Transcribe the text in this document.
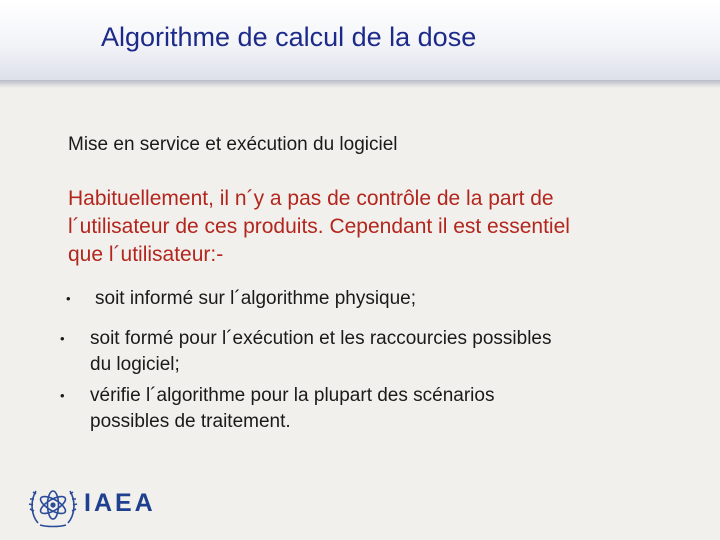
Algorithme de calcul de la dose
Mise en service et exécution du logiciel
Habituellement, il n´y a pas de contrôle de la part de
l´utilisateur de ces produits. Cependant il est essentiel
que l´utilisateur:-
• soit informé sur l´algorithme physique;
• soit formé pour l´exécution et les raccourcies possibles
du logiciel;
• vérifie l´algorithme pour la plupart des scénarios
possibles de traitement.
IAEA
